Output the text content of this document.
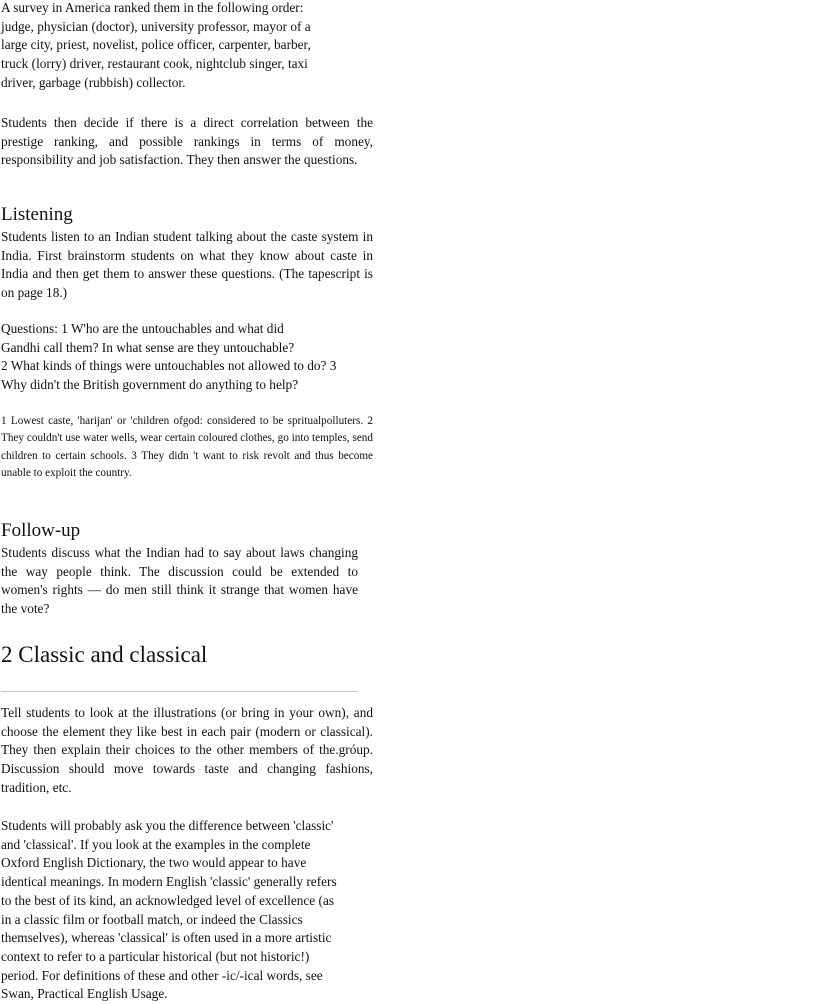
A survey in America ranked them in the following order:
judge, physician (doctor), university professor, mayor of a
large city, priest, novelist, police officer, carpenter, barber,
truck (lorry) driver, restaurant cook, nightclub singer, taxi
driver, garbage (rubbish) collector.

Students then decide if there is a direct correlation between the prestige ranking, and possible rankings in terms of money, responsibility and job satisfaction. They then answer the questions.

Listening

Students listen to an Indian student talking about the caste system in India. First brainstorm students on what they know about caste in India and then get them to answer these questions. (The tapescript is on page 18.)

Questions: 1 W'ho are the untouchables and what did
Gandhi call them? In what sense are they untouchable?
2 What kinds of things were untouchables not allowed to do? 3
Why didn't the British government do anything to help?

1 Lowest caste, 'harijan' or 'children ofgod: considered to be spritualpolluters. 2 They couldn't use water wells, wear certain coloured clothes, go into temples, send children to certain schools. 3 They didn 't want to risk revolt and thus become unable to exploit the country.

Follow-up

Students discuss what the Indian had to say about laws changing the way people think. The discussion could be extended to women's rights — do men still think it strange that women have the vote?

2 Classic and classical

Tell students to look at the illustrations (or bring in your own), and choose the element they like best in each pair (modern or classical). They then explain their choices to the other members of the.gróup. Discussion should move towards taste and changing fashions, tradition, etc.

Students will probably ask you the difference between 'classic'
and 'classical'. If you look at the examples in the complete
Oxford English Dictionary, the two would appear to have
identical meanings. In modern English 'classic' generally refers
to the best of its kind, an acknowledged level of excellence (as
in a classic film or football match, or indeed the Classics
themselves), whereas 'classical' is often used in a more artistic
context to refer to a particular historical (but not historic!)
period. For definitions of these and other -ic/-ical words, see
Swan, Practical English Usage.
